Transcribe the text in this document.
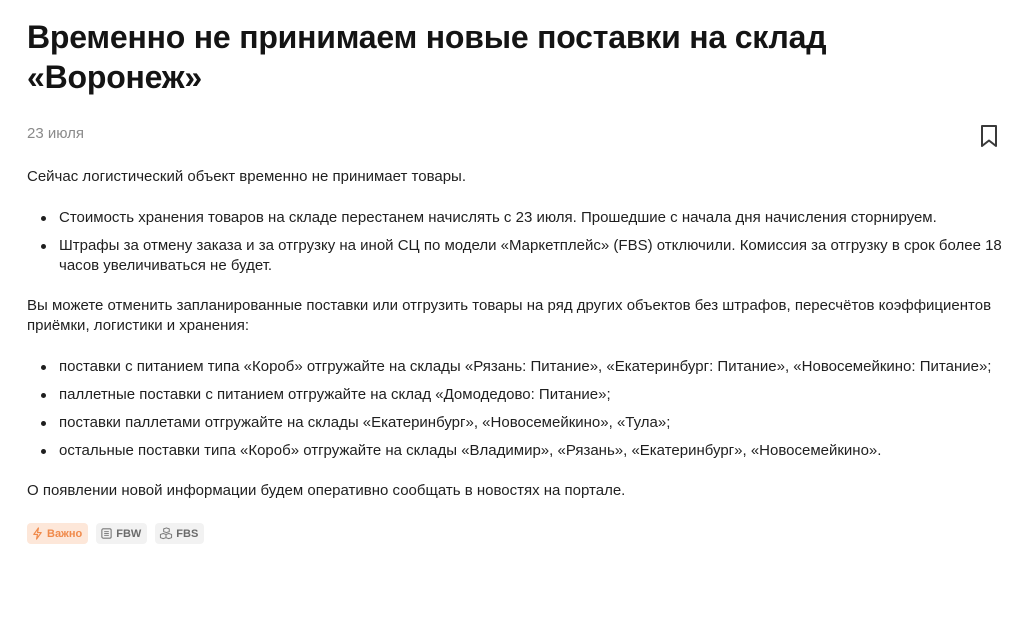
Временно не принимаем новые поставки на склад «Воронеж»
23 июля

Сейчас логистический объект временно не принимает товары.

Стоимость хранения товаров на складе перестанем начислять с 23 июля. Прошедшие с начала дня начисления сторнируем.
Штрафы за отмену заказа и за отгрузку на иной СЦ по модели «Маркетплейс» (FBS) отключили. Комиссия за отгрузку в срок более 18 часов увеличиваться не будет.

Вы можете отменить запланированные поставки или отгрузить товары на ряд других объектов без штрафов, пересчётов коэффициентов приёмки, логистики и хранения:

поставки с питанием типа «Короб» отгружайте на склады «Рязань: Питание», «Екатеринбург: Питание», «Новосемейкино: Питание»;
паллетные поставки с питанием отгружайте на склад «Домодедово: Питание»;
поставки паллетами отгружайте на склады «Екатеринбург», «Новосемейкино», «Тула»;
остальные поставки типа «Короб» отгружайте на склады «Владимир», «Рязань», «Екатеринбург», «Новосемейкино».

О появлении новой информации будем оперативно сообщать в новостях на портале.

Важно	FBW	FBS
